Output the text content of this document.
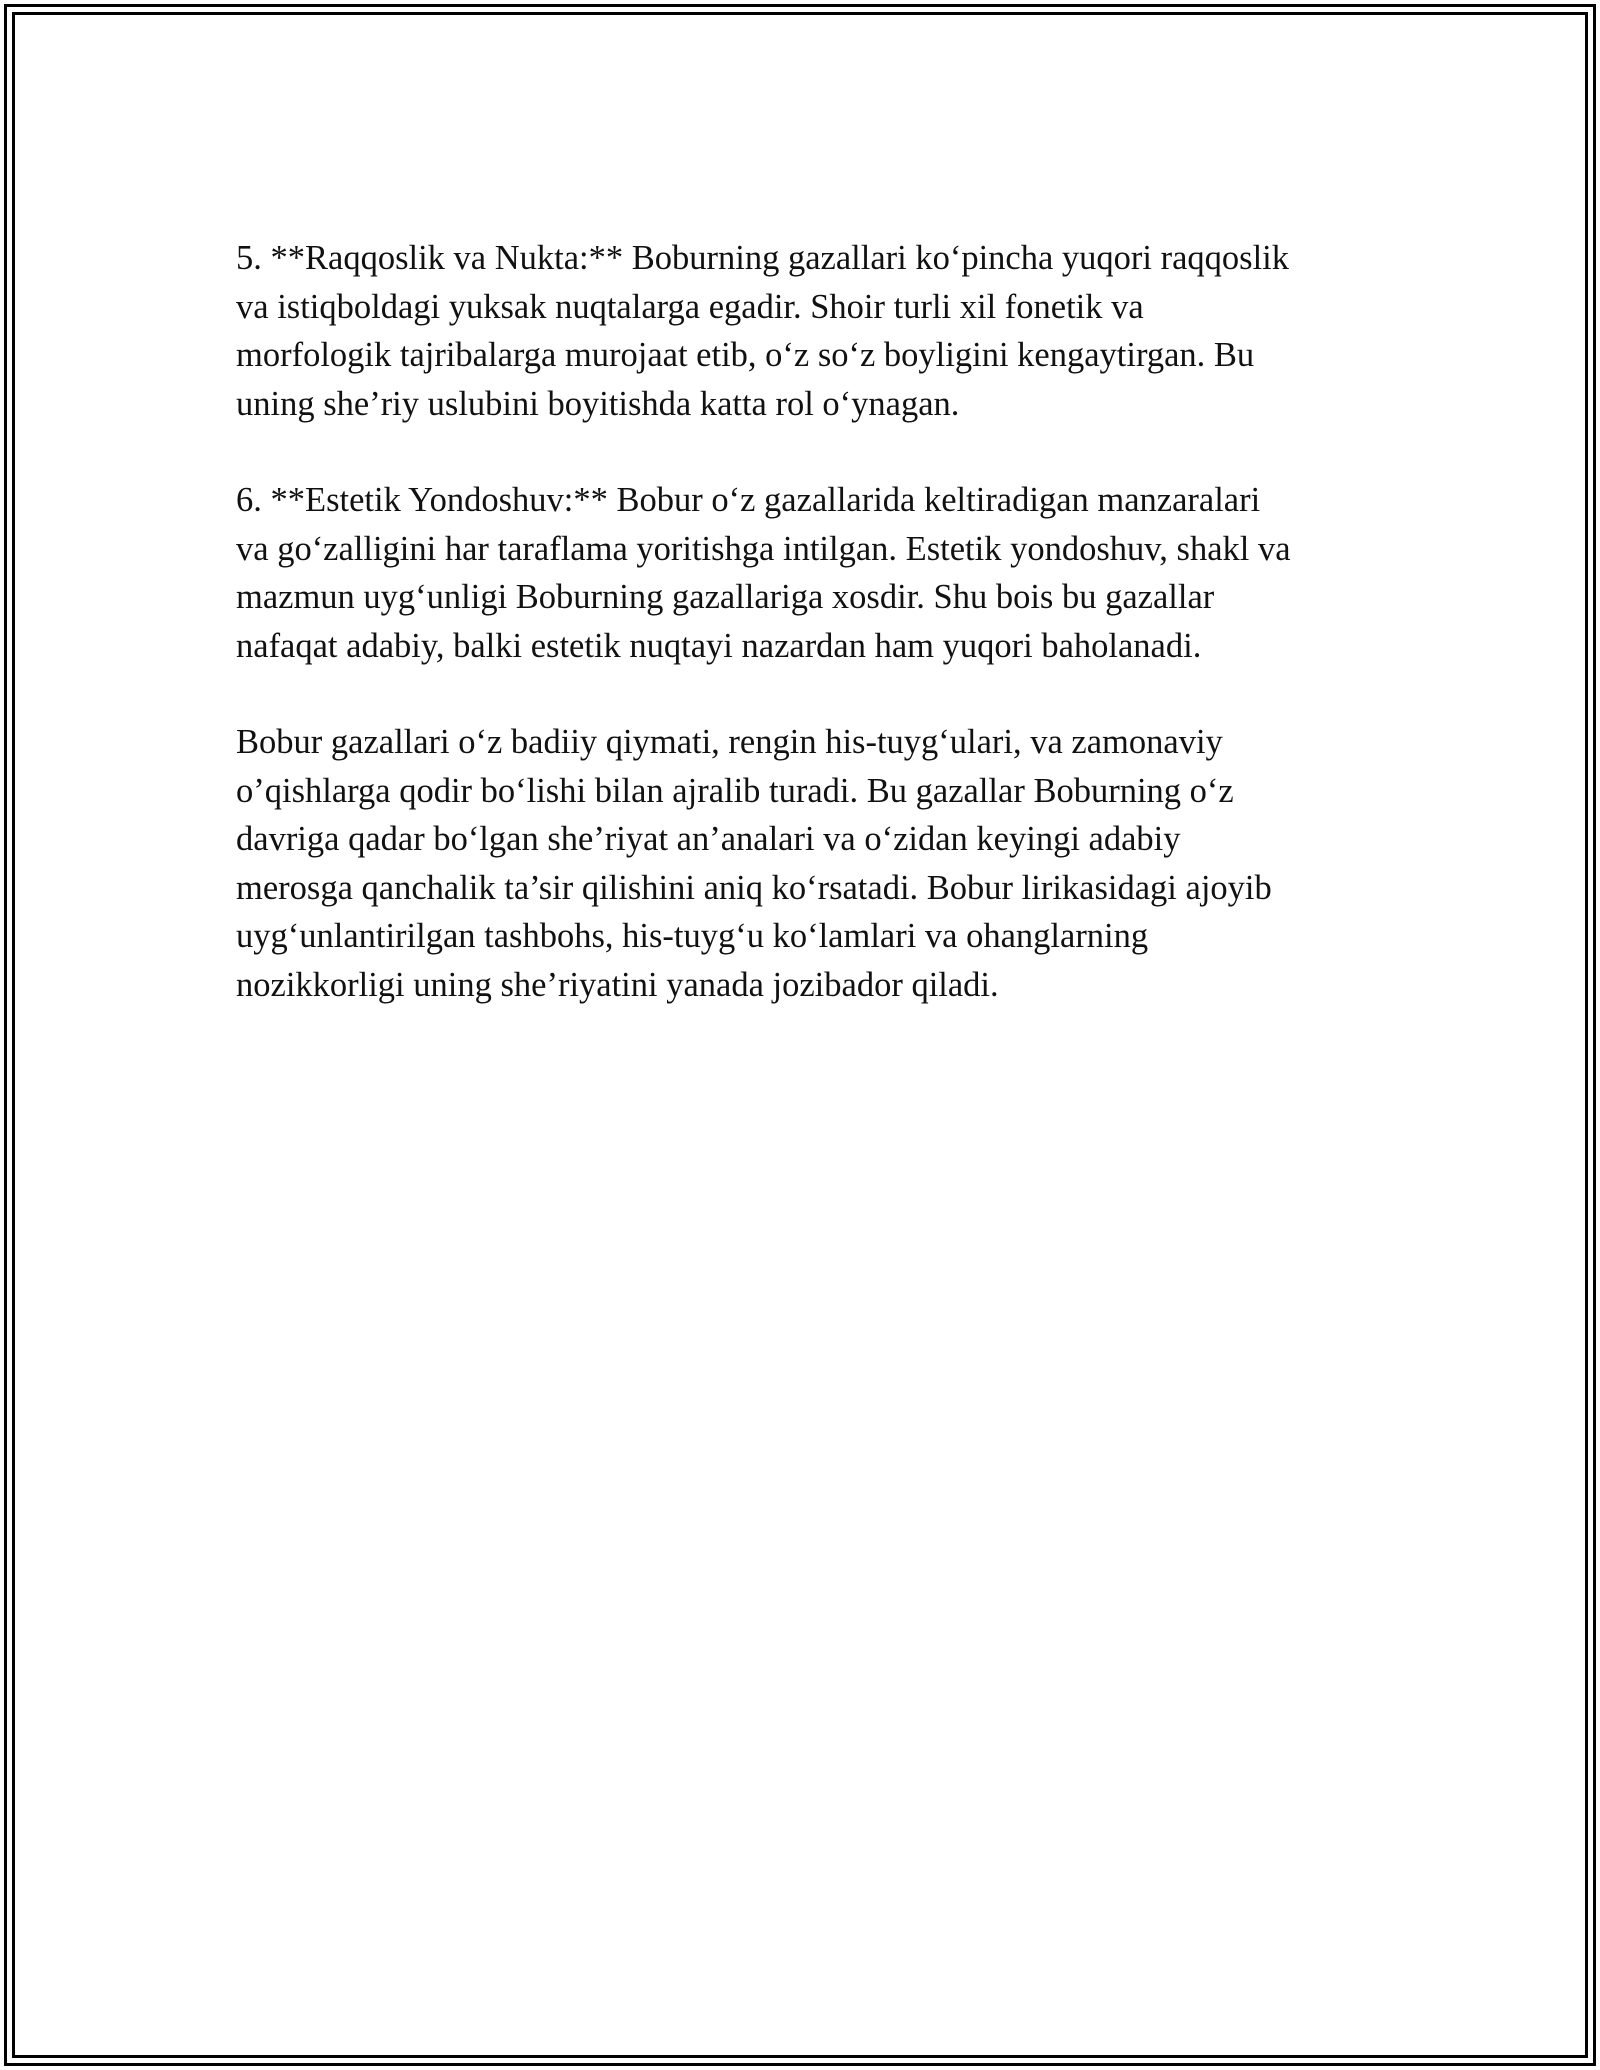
5. **Raqqoslik va Nukta:** Boburning gazallari ko‘pincha yuqori raqqoslik
va istiqboldagi yuksak nuqtalarga egadir. Shoir turli xil fonetik va
morfologik tajribalarga murojaat etib, o‘z so‘z boyligini kengaytirgan. Bu
uning she’riy uslubini boyitishda katta rol o‘ynagan.

6. **Estetik Yondoshuv:** Bobur o‘z gazallarida keltiradigan manzaralari
va go‘zalligini har taraflama yoritishga intilgan. Estetik yondoshuv, shakl va
mazmun uyg‘unligi Boburning gazallariga xosdir. Shu bois bu gazallar
nafaqat adabiy, balki estetik nuqtayi nazardan ham yuqori baholanadi.

Bobur gazallari o‘z badiiy qiymati, rengin his-tuyg‘ulari, va zamonaviy
o’qishlarga qodir bo‘lishi bilan ajralib turadi. Bu gazallar Boburning o‘z
davriga qadar bo‘lgan she’riyat an’analari va o‘zidan keyingi adabiy
merosga qanchalik ta’sir qilishini aniq ko‘rsatadi. Bobur lirikasidagi ajoyib
uyg‘unlantirilgan tashbohs, his-tuyg‘u ko‘lamlari va ohanglarning
nozikkorligi uning she’riyatini yanada jozibador qiladi.
